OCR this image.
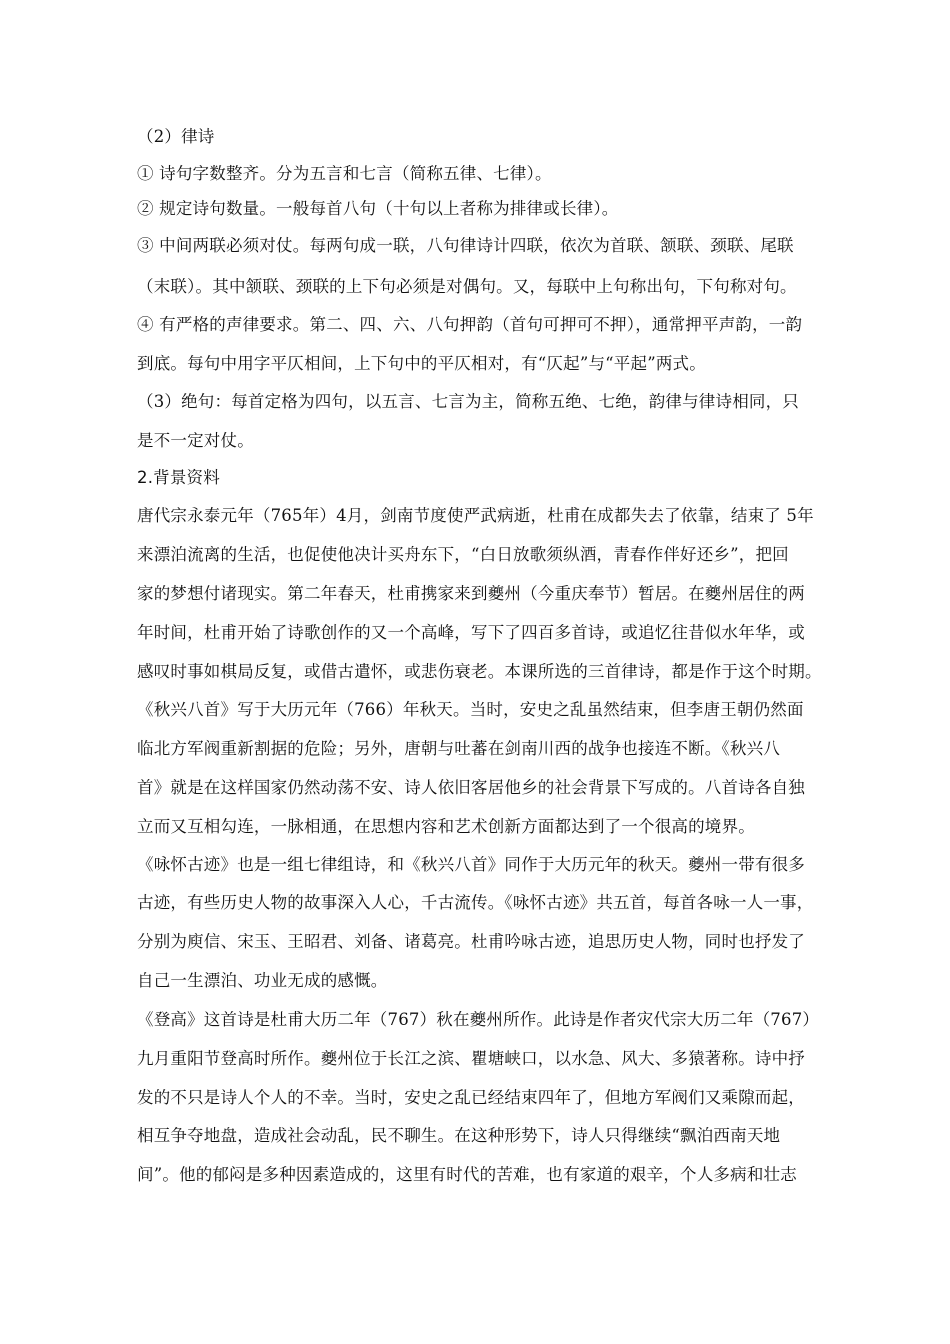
（2）律诗
① 诗句字数整齐。分为五言和七言（简称五律、七律）。
② 规定诗句数量。一般每首八句（十句以上者称为排律或长律）。
③ 中间两联必须对仗。每两句成一联，八句律诗计四联，依次为首联、颔联、颈联、尾联
（末联）。其中颔联、颈联的上下句必须是对偶句。又，每联中上句称出句，下句称对句。
④ 有严格的声律要求。第二、四、六、八句押韵（首句可押可不押），通常押平声韵，一韵
到底。每句中用字平仄相间，上下句中的平仄相对，有“仄起”与“平起”两式。
（3）绝句：每首定格为四句，以五言、七言为主，简称五绝、七绝，韵律与律诗相同，只
是不一定对仗。
2.背景资料
唐代宗永泰元年（765年）4月，剑南节度使严武病逝，杜甫在成都失去了依靠，结束了 5年
来漂泊流离的生活，也促使他决计买舟东下，“白日放歌须纵酒，青春作伴好还乡”，把回
家的梦想付诸现实。第二年春天，杜甫携家来到夔州（今重庆奉节）暂居。在夔州居住的两
年时间，杜甫开始了诗歌创作的又一个高峰，写下了四百多首诗，或追忆往昔似水年华，或
感叹时事如棋局反复，或借古遣怀，或悲伤衰老。本课所选的三首律诗，都是作于这个时期。
《秋兴八首》写于大历元年（766）年秋天。当时，安史之乱虽然结束，但李唐王朝仍然面
临北方军阀重新割据的危险；另外，唐朝与吐蕃在剑南川西的战争也接连不断。《秋兴八
首》就是在这样国家仍然动荡不安、诗人依旧客居他乡的社会背景下写成的。八首诗各自独
立而又互相勾连，一脉相通，在思想内容和艺术创新方面都达到了一个很高的境界。
《咏怀古迹》也是一组七律组诗，和《秋兴八首》同作于大历元年的秋天。夔州一带有很多
古迹，有些历史人物的故事深入人心，千古流传。《咏怀古迹》共五首，每首各咏一人一事，
分别为庾信、宋玉、王昭君、刘备、诸葛亮。杜甫吟咏古迹，追思历史人物，同时也抒发了
自己一生漂泊、功业无成的感慨。
《登高》这首诗是杜甫大历二年（767）秋在夔州所作。此诗是作者灾代宗大历二年（767）
九月重阳节登高时所作。夔州位于长江之滨、瞿塘峡口，以水急、风大、多猿著称。诗中抒
发的不只是诗人个人的不幸。当时，安史之乱已经结束四年了，但地方军阀们又乘隙而起，
相互争夺地盘，造成社会动乱，民不聊生。在这种形势下，诗人只得继续“飘泊西南天地
间”。他的郁闷是多种因素造成的，这里有时代的苦难，也有家道的艰辛，个人多病和壮志
